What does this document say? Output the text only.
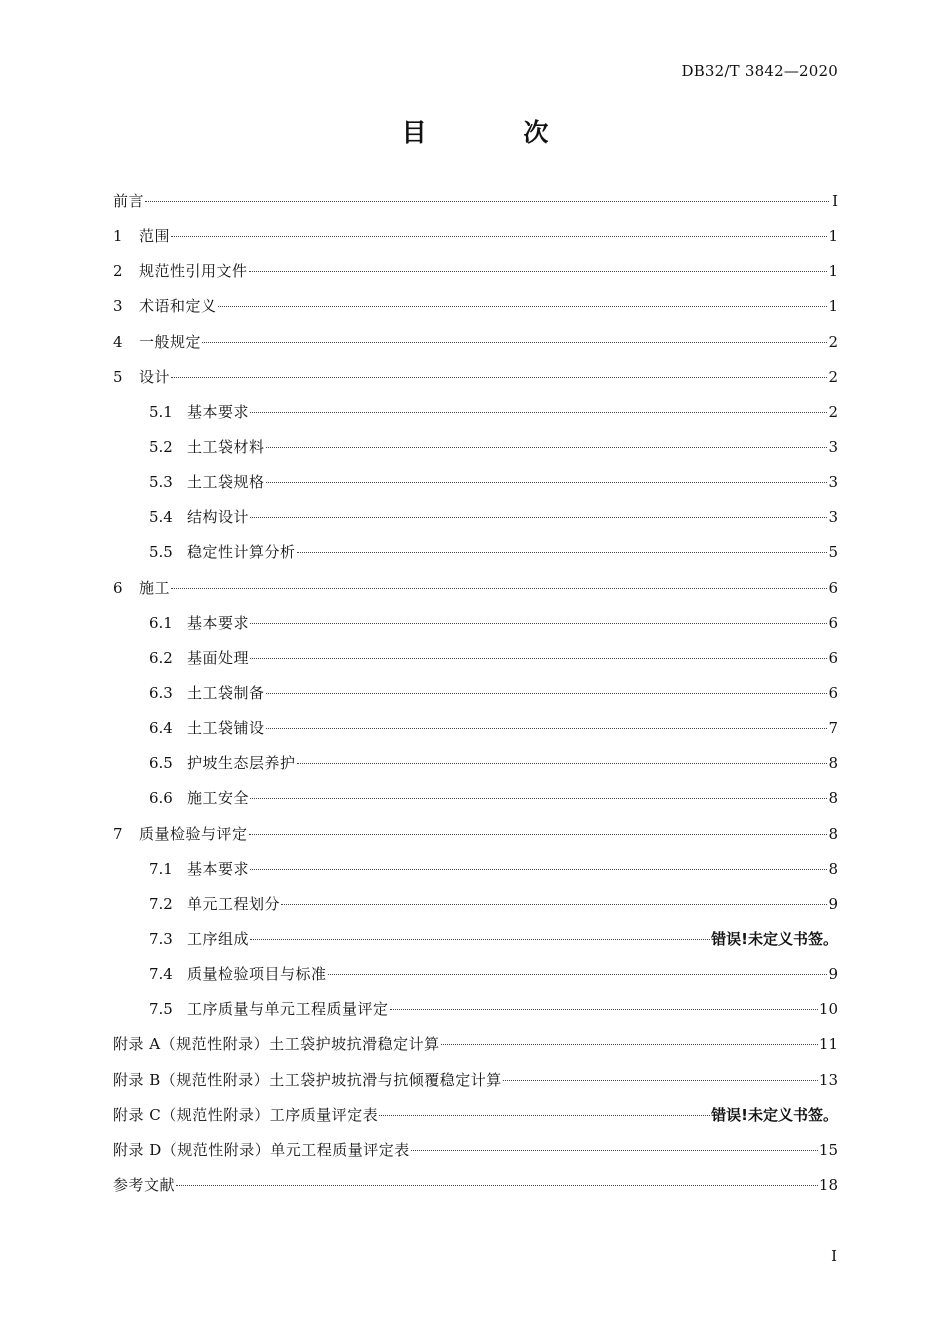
DB32/T 3842—2020
目 次
前言	I
1	范围	1
2	规范性引用文件	1
3	术语和定义	1
4	一般规定	2
5	设计	2
5.1 基本要求	2
5.2 土工袋材料	3
5.3 土工袋规格	3
5.4 结构设计	3
5.5 稳定性计算分析	5
6	施工	6
6.1 基本要求	6
6.2 基面处理	6
6.3 土工袋制备	6
6.4 土工袋铺设	7
6.5 护坡生态层养护	8
6.6 施工安全	8
7	质量检验与评定	8
7.1 基本要求	8
7.2 单元工程划分	9
7.3 工序组成	错误!未定义书签。
7.4 质量检验项目与标准	9
7.5 工序质量与单元工程质量评定	10
附录 A（规范性附录）土工袋护坡抗滑稳定计算	11
附录 B（规范性附录）土工袋护坡抗滑与抗倾覆稳定计算	13
附录 C（规范性附录）工序质量评定表	错误!未定义书签。
附录 D（规范性附录）单元工程质量评定表	15
参考文献	18
I
